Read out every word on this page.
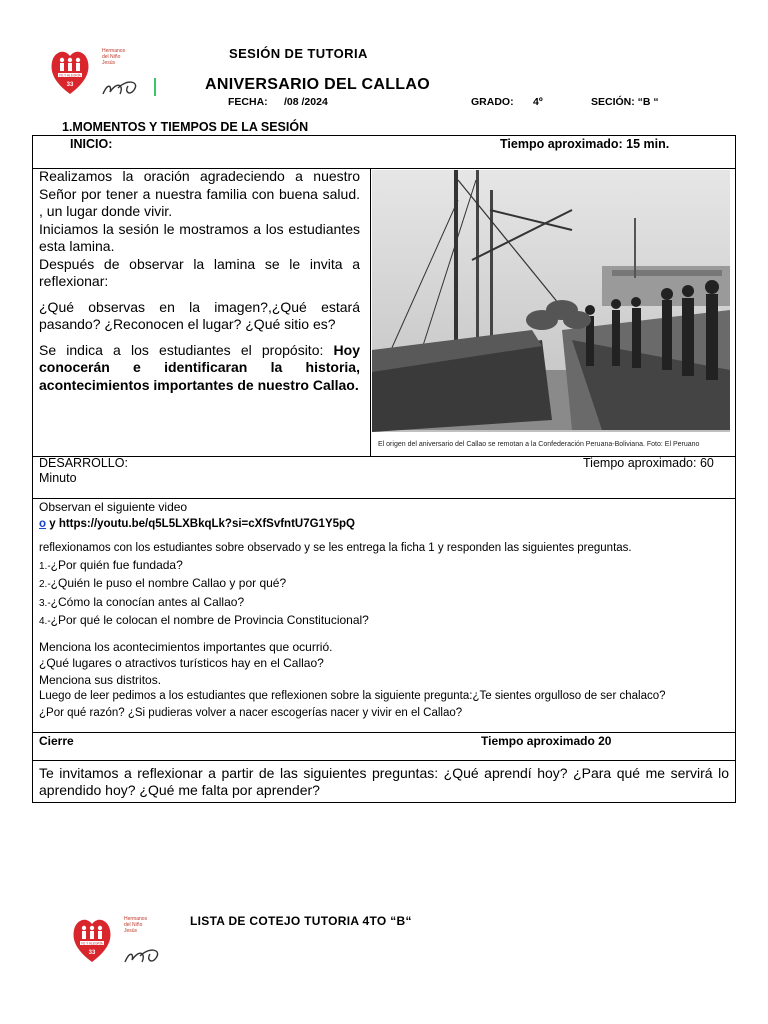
FE Y ALEGRÍA
33
Hermanos
del Niño
Jesús
SESIÓN DE TUTORIA
ANIVERSARIO DEL CALLAO
FECHA: /08 /2024	GRADO: 4º	SECIÓN: “B “
1.MOMENTOS Y TIEMPOS DE LA SESIÓN
INICIO:	Tiempo aproximado: 15 min.
Realizamos la oración agradeciendo a nuestro Señor por tener a nuestra familia con buena salud. , un lugar donde vivir.
Iniciamos la sesión le mostramos a los estudiantes esta lamina.
Después de observar la lamina se le invita a reflexionar:
¿Qué observas en la imagen?,¿Qué estará pasando? ¿Reconocen el lugar? ¿Qué sitio es?
Se indica a los estudiantes el propósito: Hoy conocerán e identificaran la historia, acontecimientos importantes de nuestro Callao.
El origen del aniversario del Callao se remotan a la Confederación Peruana-Boliviana. Foto: El Peruano
DESARROLLO:
Minuto
Tiempo aproximado: 60
Observan el siguiente video
o y https://youtu.be/q5L5LXBkqLk?si=cXfSvfntU7G1Y5pQ
reflexionamos con los estudiantes sobre observado y se les entrega la ficha 1 y responden las siguientes preguntas.
1.-¿Por quién fue fundada?
2.-¿Quién le puso el nombre Callao y por qué?
3.-¿Cómo la conocían antes al Callao?
4.-¿Por qué le colocan el nombre de Provincia Constitucional?
Menciona los acontecimientos importantes que ocurrió.
¿Qué lugares o atractivos turísticos hay en el Callao?
Menciona sus distritos.
Luego de leer pedimos a los estudiantes que reflexionen sobre la siguiente pregunta:¿Te sientes orgulloso de ser chalaco?
¿Por qué razón? ¿Si pudieras volver a nacer escogerías nacer y vivir en el Callao?
Cierre	Tiempo aproximado 20
Te invitamos a reflexionar a partir de las siguientes preguntas: ¿Qué aprendí hoy? ¿Para qué me servirá lo aprendido hoy? ¿Qué me falta por aprender?
FE Y ALEGRÍA
33
Hermanos
del Niño
Jesús
LISTA DE COTEJO TUTORIA 4TO “B“
